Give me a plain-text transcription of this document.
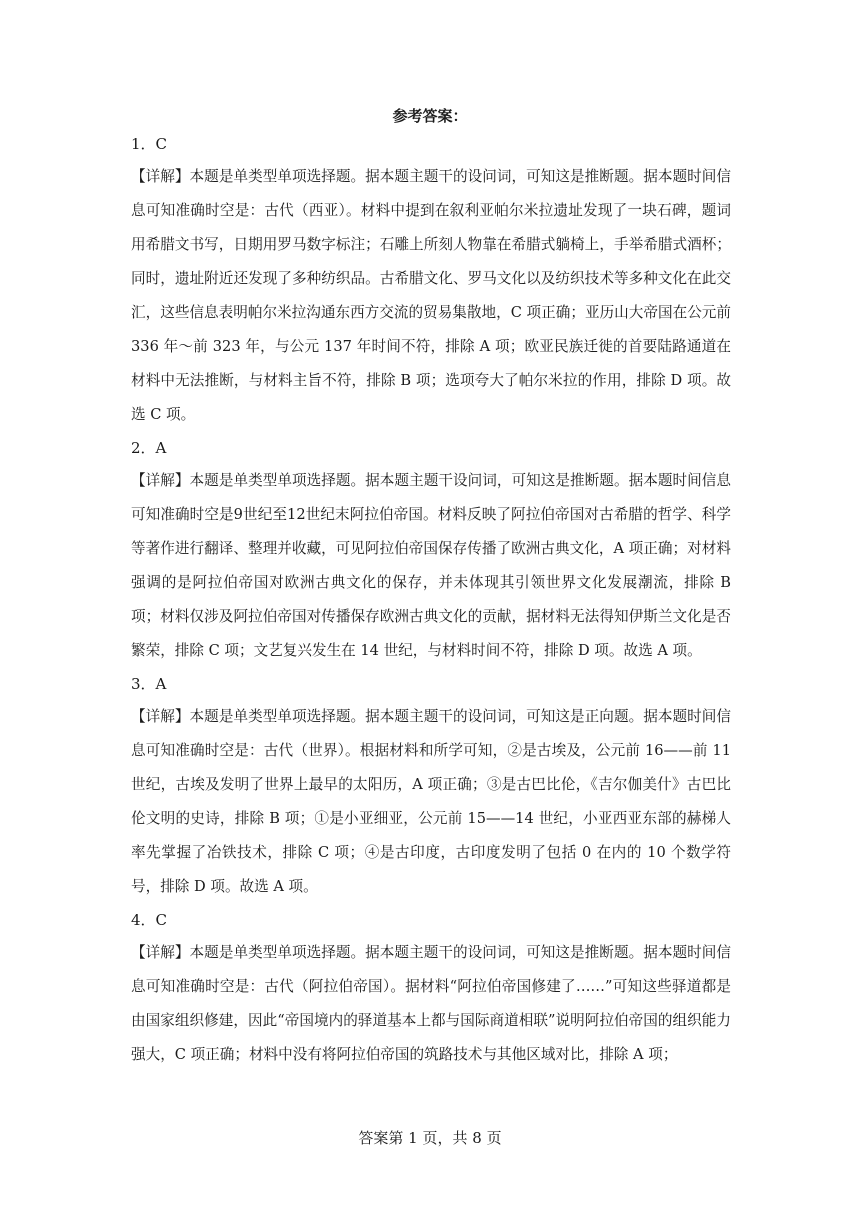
参考答案：

1．C

【详解】本题是单类型单项选择题。据本题主题干的设问词，可知这是推断题。据本题时间信息可知准确时空是：古代（西亚）。材料中提到在叙利亚帕尔米拉遗址发现了一块石碑，题词用希腊文书写，日期用罗马数字标注；石雕上所刻人物靠在希腊式躺椅上，手举希腊式酒杯；同时，遗址附近还发现了多种纺织品。古希腊文化、罗马文化以及纺织技术等多种文化在此交汇，这些信息表明帕尔米拉沟通东西方交流的贸易集散地，C 项正确；亚历山大帝国在公元前 336 年～前 323 年，与公元 137 年时间不符，排除 A 项；欧亚民族迁徙的首要陆路通道在材料中无法推断，与材料主旨不符，排除 B 项；选项夸大了帕尔米拉的作用，排除 D 项。故选 C 项。

2．A

【详解】本题是单类型单项选择题。据本题主题干设问词，可知这是推断题。据本题时间信息可知准确时空是9世纪至12世纪末阿拉伯帝国。材料反映了阿拉伯帝国对古希腊的哲学、科学等著作进行翻译、整理并收藏，可见阿拉伯帝国保存传播了欧洲古典文化，A 项正确；对材料强调的是阿拉伯帝国对欧洲古典文化的保存，并未体现其引领世界文化发展潮流，排除 B 项；材料仅涉及阿拉伯帝国对传播保存欧洲古典文化的贡献，据材料无法得知伊斯兰文化是否繁荣，排除 C 项；文艺复兴发生在 14 世纪，与材料时间不符，排除 D 项。故选 A 项。

3．A

【详解】本题是单类型单项选择题。据本题主题干的设问词，可知这是正向题。据本题时间信息可知准确时空是：古代（世界）。根据材料和所学可知，②是古埃及，公元前 16——前 11 世纪，古埃及发明了世界上最早的太阳历，A 项正确；③是古巴比伦，《吉尔伽美什》古巴比伦文明的史诗，排除 B 项；①是小亚细亚，公元前 15——14 世纪，小亚西亚东部的赫梯人率先掌握了冶铁技术，排除 C 项；④是古印度，古印度发明了包括 0 在内的 10 个数学符号，排除 D 项。故选 A 项。

4．C

【详解】本题是单类型单项选择题。据本题主题干的设问词，可知这是推断题。据本题时间信息可知准确时空是：古代（阿拉伯帝国）。据材料“阿拉伯帝国修建了……”可知这些驿道都是由国家组织修建，因此“帝国境内的驿道基本上都与国际商道相联”说明阿拉伯帝国的组织能力强大，C 项正确；材料中没有将阿拉伯帝国的筑路技术与其他区域对比，排除 A 项；

答案第 1 页，共 8 页
